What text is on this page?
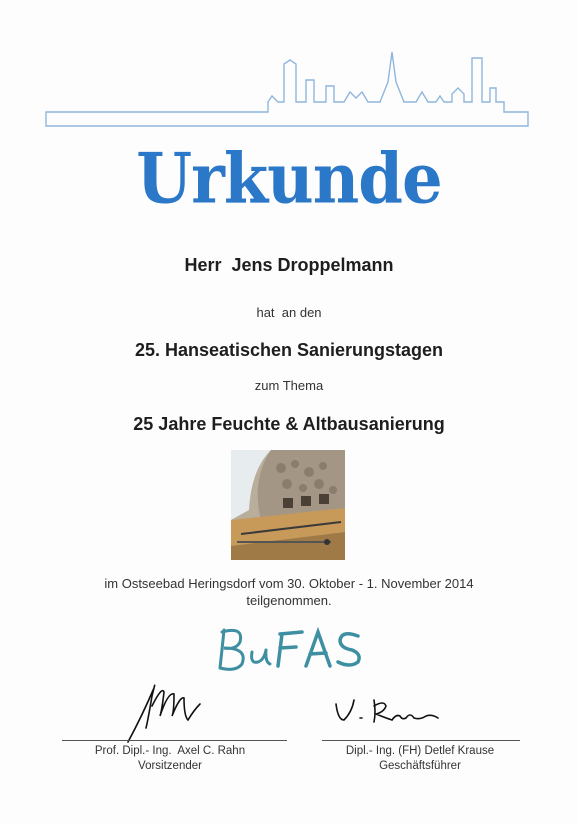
Urkunde
Herr  Jens Droppelmann
hat  an den
25. Hanseatischen Sanierungstagen
zum Thema
25 Jahre Feuchte & Altbausanierung
im Ostseebad Heringsdorf vom 30. Oktober - 1. November 2014
teilgenommen.
Prof. Dipl.- Ing.  Axel C. Rahn
Vorsitzender
Dipl.- Ing. (FH) Detlef Krause
Geschäftsführer
